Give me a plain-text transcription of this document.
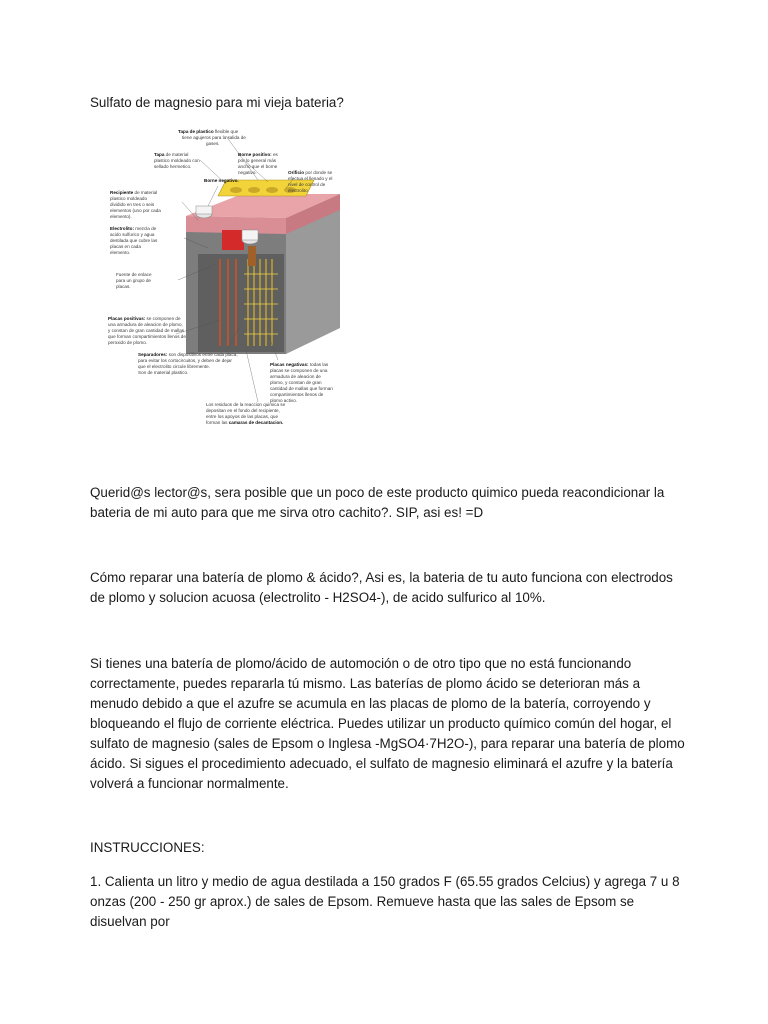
Sulfato de magnesio para mi vieja bateria?

Tapa de plastico flexible que tiene agujeros para la salida de gases.
Tapa de material plastico moldeado con sellado hermetico.
Borne positivo: es por lo general más ancho que el borne negativo.
Borne negativo.
Orificio por donde se efectua el llenado y el nivel de control de electrolito
Recipiente de material plastico moldeado dividido en tres o seis elementos (uno por cada elemento).
Electrolito: mezcla de acido sulfurico y agua destilada que cubre las placas en cada elemento.
Fuente de enlace para un grupo de placas.
Placas positivas: se componen de una armadura de aleacion de plomo, y constan de gran cantidad de mallas que forman compartimientos llenos de peroxido de plomo.
Separadores: son dispositivos entre cada placa, para evitar los cortocircuitos, y deben de dejar que el electrolito circule libremente. Son de material plastico.
Placas negativas: todas las placas se componen de una armadura de aleacion de plomo, y constan de gran cantidad de mallas que forman compartimientos llenos de plomo activo.
Los residuos de la reaccion quimica se depositan en el fondo del recipiente, entre los apoyos de las placas, que forman las camaras de decantacion.

Querid@s lector@s, sera posible que un poco de este producto quimico pueda reacondicionar la bateria de mi auto para que me sirva otro cachito?. SIP, asi es! =D

Cómo reparar una batería de plomo & ácido?, Asi es, la bateria de tu auto funciona con electrodos de plomo y solucion acuosa (electrolito - H2SO4-), de acido sulfurico al 10%.

Si tienes una batería de plomo/ácido de automoción o de otro tipo que no está funcionando correctamente, puedes repararla tú mismo. Las baterías de plomo ácido se deterioran más a menudo debido a que el azufre se acumula en las placas de plomo de la batería, corroyendo y bloqueando el flujo de corriente eléctrica. Puedes utilizar un producto químico común del hogar, el sulfato de magnesio (sales de Epsom o Inglesa -MgSO4·7H2O-), para reparar una batería de plomo ácido. Si sigues el procedimiento adecuado, el sulfato de magnesio eliminará el azufre y la batería volverá a funcionar normalmente.

INSTRUCCIONES:

1. Calienta un litro y medio de agua destilada a 150 grados F (65.55 grados Celcius) y agrega 7 u 8 onzas (200 - 250 gr aprox.) de sales de Epsom. Remueve hasta que las sales de Epsom se disuelvan por
